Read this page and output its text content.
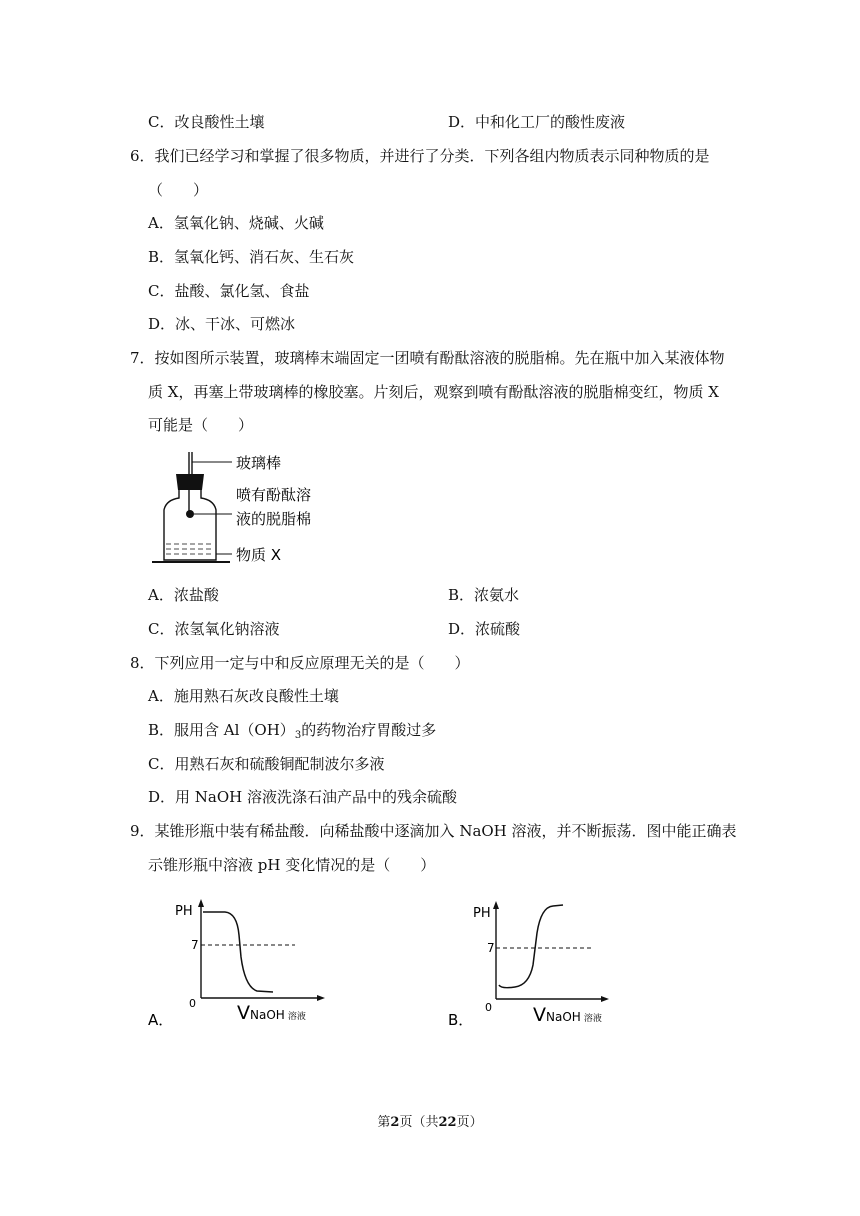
C．改良酸性土壤	D．中和化工厂的酸性废液
6．我们已经学习和掌握了很多物质，并进行了分类．下列各组内物质表示同种物质的是
（　　）
A．氢氧化钠、烧碱、火碱
B．氢氧化钙、消石灰、生石灰
C．盐酸、氯化氢、食盐
D．冰、干冰、可燃冰
7．按如图所示装置，玻璃棒末端固定一团喷有酚酞溶液的脱脂棉。先在瓶中加入某液体物
质 X，再塞上带玻璃棒的橡胶塞。片刻后，观察到喷有酚酞溶液的脱脂棉变红，物质 X
可能是（　　）
玻璃棒
喷有酚酞溶
液的脱脂棉
物质 X
A．浓盐酸	B．浓氨水
C．浓氢氧化钠溶液	D．浓硫酸
8．下列应用一定与中和反应原理无关的是（　　）
A．施用熟石灰改良酸性土壤
B．服用含 $Al(OH)_3$的药物治疗胃酸过多
C．用熟石灰和硫酸铜配制波尔多液
D．用 NaOH 溶液洗涤石油产品中的残余硫酸
9．某锥形瓶中装有稀盐酸．向稀盐酸中逐滴加入 NaOH 溶液，并不断振荡．图中能正确表
示锥形瓶中溶液 pH 变化情况的是（　　）
A．
PH
7
0 VNaOH 溶液	B．
PH
7
0 VNaOH 溶液
第2页（共22页）
